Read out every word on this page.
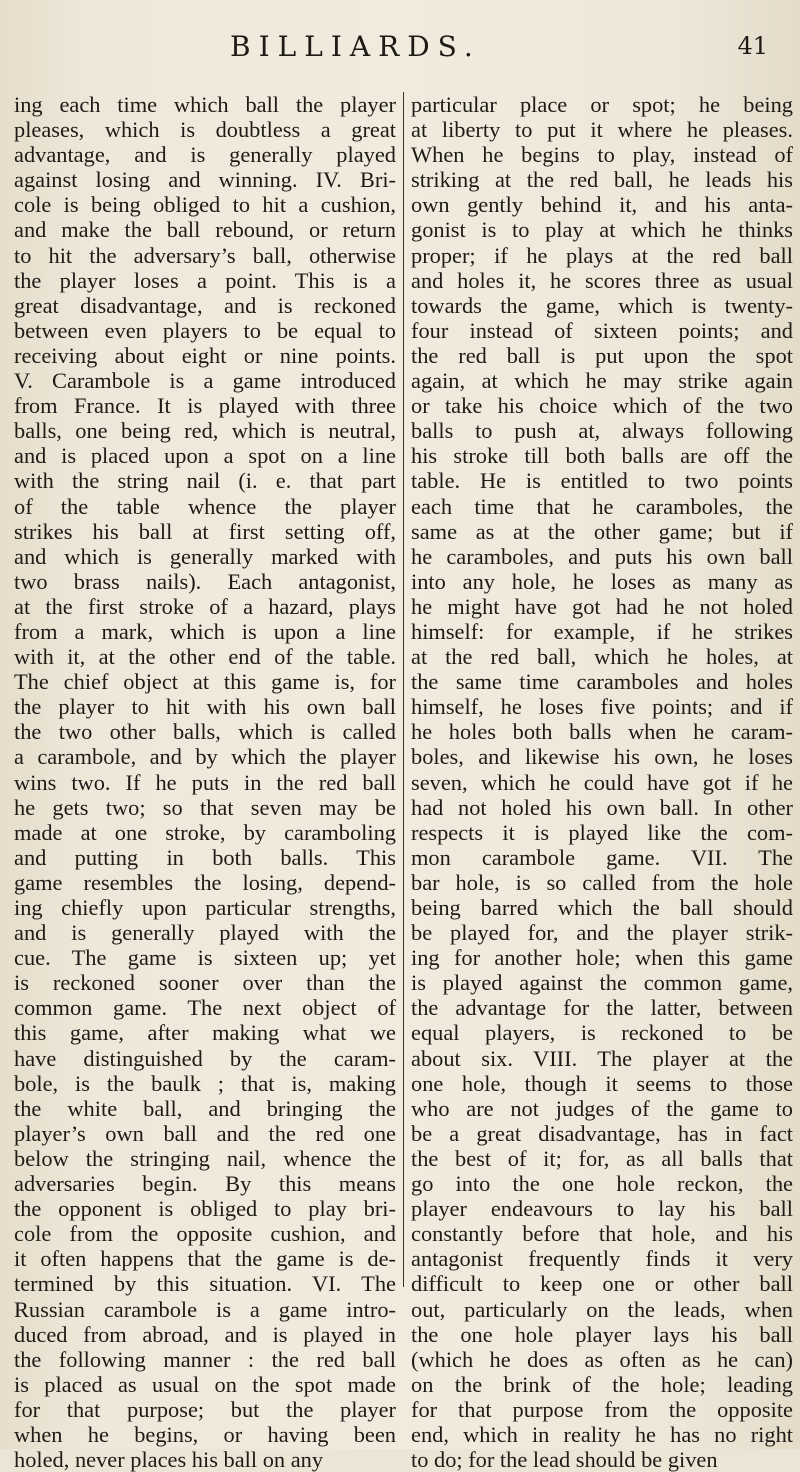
BILLIARDS.	41
ing each time which ball the player
pleases, which is doubtless a great
advantage, and is generally played
against losing and winning. IV. Bri-
cole is being obliged to hit a cushion,
and make the ball rebound, or return
to hit the adversary’s ball, otherwise
the player loses a point. This is a
great disadvantage, and is reckoned
between even players to be equal to
receiving about eight or nine points.
V. Carambole is a game introduced
from France. It is played with three
balls, one being red, which is neutral,
and is placed upon a spot on a line
with the string nail (i. e. that part
of the table whence the player
strikes his ball at first setting off,
and which is generally marked with
two brass nails). Each antagonist,
at the first stroke of a hazard, plays
from a mark, which is upon a line
with it, at the other end of the table.
The chief object at this game is, for
the player to hit with his own ball
the two other balls, which is called
a carambole, and by which the player
wins two. If he puts in the red ball
he gets two; so that seven may be
made at one stroke, by caramboling
and putting in both balls. This
game resembles the losing, depend-
ing chiefly upon particular strengths,
and is generally played with the
cue. The game is sixteen up; yet
is reckoned sooner over than the
common game. The next object of
this game, after making what we
have distinguished by the caram-
bole, is the baulk ; that is, making
the white ball, and bringing the
player’s own ball and the red one
below the stringing nail, whence the
adversaries begin. By this means
the opponent is obliged to play bri-
cole from the opposite cushion, and
it often happens that the game is de-
termined by this situation. VI. The
Russian carambole is a game intro-
duced from abroad, and is played in
the following manner : the red ball
is placed as usual on the spot made
for that purpose; but the player
when he begins, or having been
holed, never places his ball on any
particular place or spot; he being
at liberty to put it where he pleases.
When he begins to play, instead of
striking at the red ball, he leads his
own gently behind it, and his anta-
gonist is to play at which he thinks
proper; if he plays at the red ball
and holes it, he scores three as usual
towards the game, which is twenty-
four instead of sixteen points; and
the red ball is put upon the spot
again, at which he may strike again
or take his choice which of the two
balls to push at, always following
his stroke till both balls are off the
table. He is entitled to two points
each time that he caramboles, the
same as at the other game; but if
he caramboles, and puts his own ball
into any hole, he loses as many as
he might have got had he not holed
himself: for example, if he strikes
at the red ball, which he holes, at
the same time caramboles and holes
himself, he loses five points; and if
he holes both balls when he caram-
boles, and likewise his own, he loses
seven, which he could have got if he
had not holed his own ball. In other
respects it is played like the com-
mon carambole game. VII. The
bar hole, is so called from the hole
being barred which the ball should
be played for, and the player strik-
ing for another hole; when this game
is played against the common game,
the advantage for the latter, between
equal players, is reckoned to be
about six. VIII. The player at the
one hole, though it seems to those
who are not judges of the game to
be a great disadvantage, has in fact
the best of it; for, as all balls that
go into the one hole reckon, the
player endeavours to lay his ball
constantly before that hole, and his
antagonist frequently finds it very
difficult to keep one or other ball
out, particularly on the leads, when
the one hole player lays his ball
(which he does as often as he can)
on the brink of the hole; leading
for that purpose from the opposite
end, which in reality he has no right
to do; for the lead should be given
